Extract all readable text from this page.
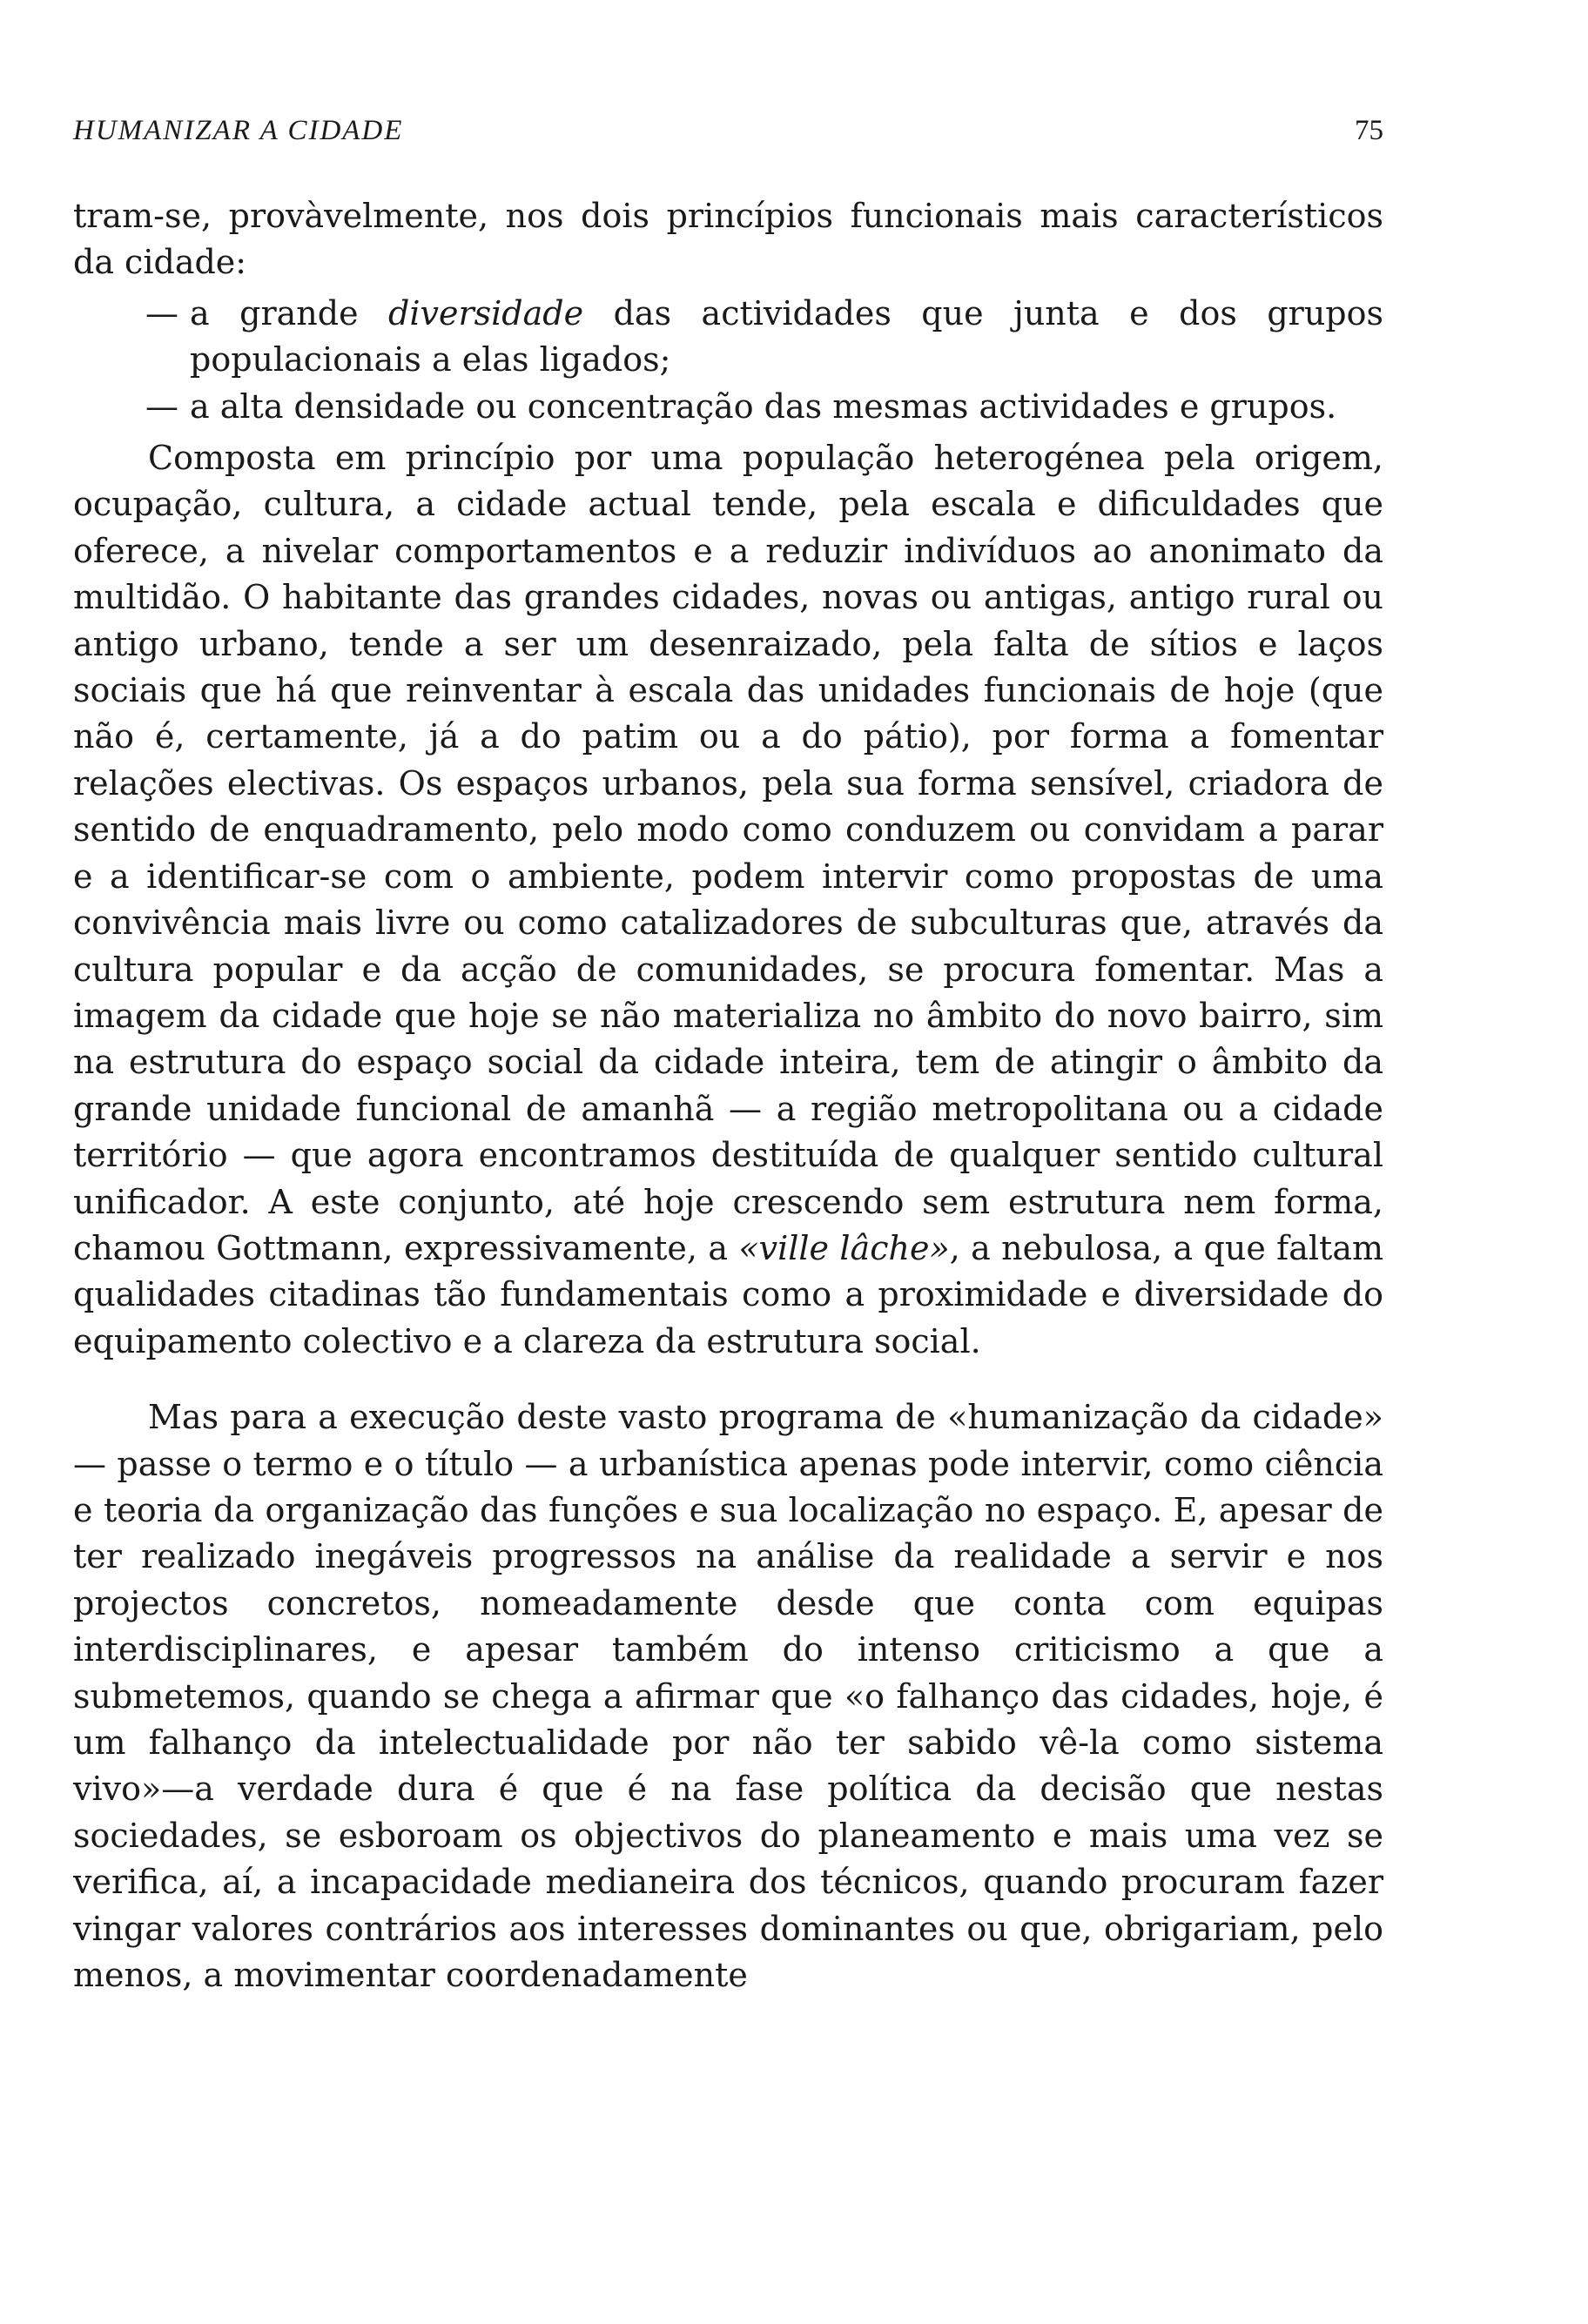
HUMANIZAR A CIDADE	75

tram-se, provàvelmente, nos dois princípios funcionais mais característicos da cidade:

— a grande diversidade das actividades que junta e dos grupos populacionais a elas ligados;
— a alta densidade ou concentração das mesmas actividades e grupos.

Composta em princípio por uma população heterogénea pela origem, ocupação, cultura, a cidade actual tende, pela escala e dificuldades que oferece, a nivelar comportamentos e a reduzir indivíduos ao anonimato da multidão. O habitante das grandes cidades, novas ou antigas, antigo rural ou antigo urbano, tende a ser um desenraizado, pela falta de sítios e laços sociais que há que reinventar à escala das unidades funcionais de hoje (que não é, certamente, já a do patim ou a do pátio), por forma a fomentar relações electivas. Os espaços urbanos, pela sua forma sensível, criadora de sentido de enquadramento, pelo modo como conduzem ou convidam a parar e a identificar-se com o ambiente, podem intervir como propostas de uma convivência mais livre ou como catalizadores de subculturas que, através da cultura popular e da acção de comunidades, se procura fomentar. Mas a imagem da cidade que hoje se não materializa no âmbito do novo bairro, sim na estrutura do espaço social da cidade inteira, tem de atingir o âmbito da grande unidade funcional de amanhã — a região metropolitana ou a cidade território — que agora encontramos destituída de qualquer sentido cultural unificador. A este conjunto, até hoje crescendo sem estrutura nem forma, chamou Gottmann, expressivamente, a «ville lâche», a nebulosa, a que faltam qualidades citadinas tão fundamentais como a proximidade e diversidade do equipamento colectivo e a clareza da estrutura social.

Mas para a execução deste vasto programa de «humanização da cidade» — passe o termo e o título — a urbanística apenas pode intervir, como ciência e teoria da organização das funções e sua localização no espaço. E, apesar de ter realizado inegáveis progressos na análise da realidade a servir e nos projectos concretos, nomeadamente desde que conta com equipas interdisciplinares, e apesar também do intenso criticismo a que a submetemos, quando se chega a afirmar que «o falhanço das cidades, hoje, é um falhanço da intelectualidade por não ter sabido vê-la como sistema vivo»—a verdade dura é que é na fase política da decisão que nestas sociedades, se esboroam os objectivos do planeamento e mais uma vez se verifica, aí, a incapacidade medianeira dos técnicos, quando procuram fazer vingar valores contrários aos interesses dominantes ou que, obrigariam, pelo menos, a movimentar coordenadamente
